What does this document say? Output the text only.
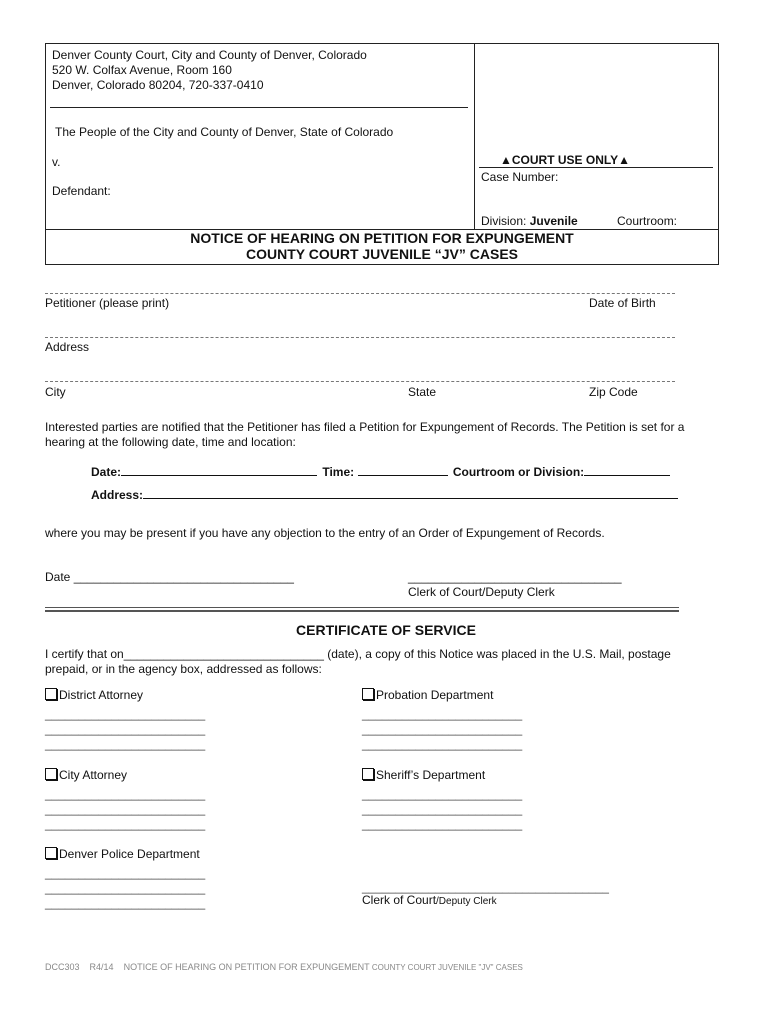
Denver County Court, City and County of Denver, Colorado
520 W. Colfax Avenue, Room 160
Denver, Colorado 80204, 720-337-0410
The People of the City and County of Denver, State of Colorado
v.
Defendant:
▲COURT USE ONLY▲
Case Number:
Division: Juvenile	Courtroom:
NOTICE OF HEARING ON PETITION FOR EXPUNGEMENT
COUNTY COURT JUVENILE “JV” CASES
Petitioner (please print)	Date of Birth
Address
City	State	Zip Code
Interested parties are notified that the Petitioner has filed a Petition for Expungement of Records. The Petition is set for a hearing at the following date, time and location:
Date:	Time:	Courtroom or Division:
Address:
where you may be present if you have any objection to the entry of an Order of Expungement of Records.
Date _________________________________	________________________________
Clerk of Court/Deputy Clerk
CERTIFICATE OF SERVICE
I certify that on______________________________ (date), a copy of this Notice was placed in the U.S. Mail, postage
prepaid, or in the agency box, addressed as follows:
District Attorney
________________________
________________________
________________________
City Attorney
________________________
________________________
________________________
Denver Police Department
________________________
________________________
________________________
Probation Department
________________________
________________________
________________________
Sheriff’s Department
________________________
________________________
________________________
_____________________________________
Clerk of Court/Deputy Clerk
DCC303 R4/14 NOTICE OF HEARING ON PETITION FOR EXPUNGEMENT COUNTY COURT JUVENILE "JV" CASES
